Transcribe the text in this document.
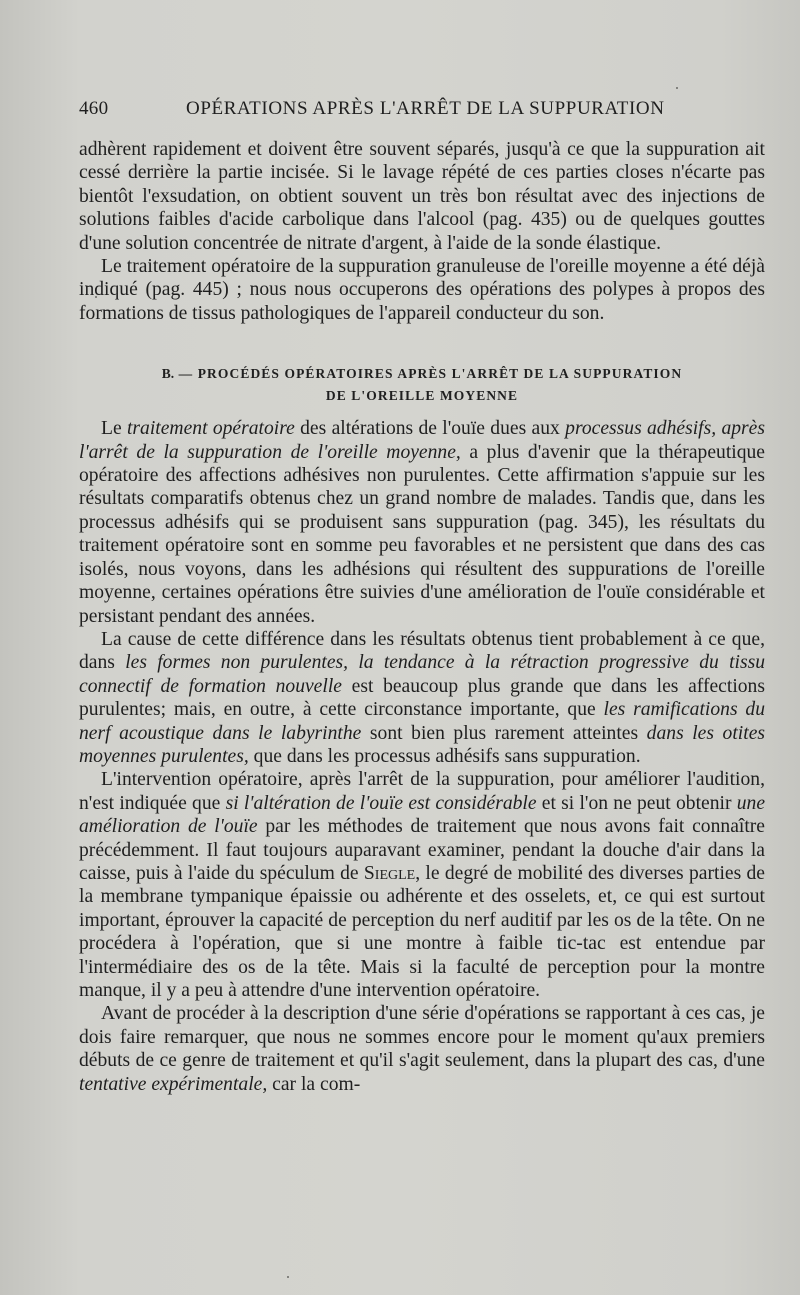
460	OPÉRATIONS APRÈS L'ARRÊT DE LA SUPPURATION

adhèrent rapidement et doivent être souvent séparés, jusqu'à ce que la suppuration ait cessé derrière la partie incisée. Si le lavage répété de ces parties closes n'écarte pas bientôt l'exsudation, on obtient souvent un très bon résultat avec des injections de solutions faibles d'acide carbolique dans l'alcool (pag. 435) ou de quelques gouttes d'une solution concentrée de nitrate d'argent, à l'aide de la sonde élastique.

Le traitement opératoire de la suppuration granuleuse de l'oreille moyenne a été déjà indiqué (pag. 445) ; nous nous occuperons des opérations des polypes à propos des formations de tissus pathologiques de l'appareil conducteur du son.

B. — PROCÉDÉS OPÉRATOIRES APRÈS L'ARRÊT DE LA SUPPURATION
DE L'OREILLE MOYENNE

Le traitement opératoire des altérations de l'ouïe dues aux processus adhésifs, après l'arrêt de la suppuration de l'oreille moyenne, a plus d'avenir que la thérapeutique opératoire des affections adhésives non purulentes. Cette affirmation s'appuie sur les résultats comparatifs obtenus chez un grand nombre de malades. Tandis que, dans les processus adhésifs qui se produisent sans suppuration (pag. 345), les résultats du traitement opératoire sont en somme peu favorables et ne persistent que dans des cas isolés, nous voyons, dans les adhésions qui résultent des suppurations de l'oreille moyenne, certaines opérations être suivies d'une amélioration de l'ouïe considérable et persistant pendant des années.

La cause de cette différence dans les résultats obtenus tient probablement à ce que, dans les formes non purulentes, la tendance à la rétraction progressive du tissu connectif de formation nouvelle est beaucoup plus grande que dans les affections purulentes; mais, en outre, à cette circonstance importante, que les ramifications du nerf acoustique dans le labyrinthe sont bien plus rarement atteintes dans les otites moyennes purulentes, que dans les processus adhésifs sans suppuration.

L'intervention opératoire, après l'arrêt de la suppuration, pour améliorer l'audition, n'est indiquée que si l'altération de l'ouïe est considérable et si l'on ne peut obtenir une amélioration de l'ouïe par les méthodes de traitement que nous avons fait connaître précédemment. Il faut toujours auparavant examiner, pendant la douche d'air dans la caisse, puis à l'aide du spéculum de Siegle, le degré de mobilité des diverses parties de la membrane tympanique épaissie ou adhérente et des osselets, et, ce qui est surtout important, éprouver la capacité de perception du nerf auditif par les os de la tête. On ne procédera à l'opération, que si une montre à faible tic-tac est entendue par l'intermédiaire des os de la tête. Mais si la faculté de perception pour la montre manque, il y a peu à attendre d'une intervention opératoire.

Avant de procéder à la description d'une série d'opérations se rapportant à ces cas, je dois faire remarquer, que nous ne sommes encore pour le moment qu'aux premiers débuts de ce genre de traitement et qu'il s'agit seulement, dans la plupart des cas, d'une tentative expérimentale, car la com-
